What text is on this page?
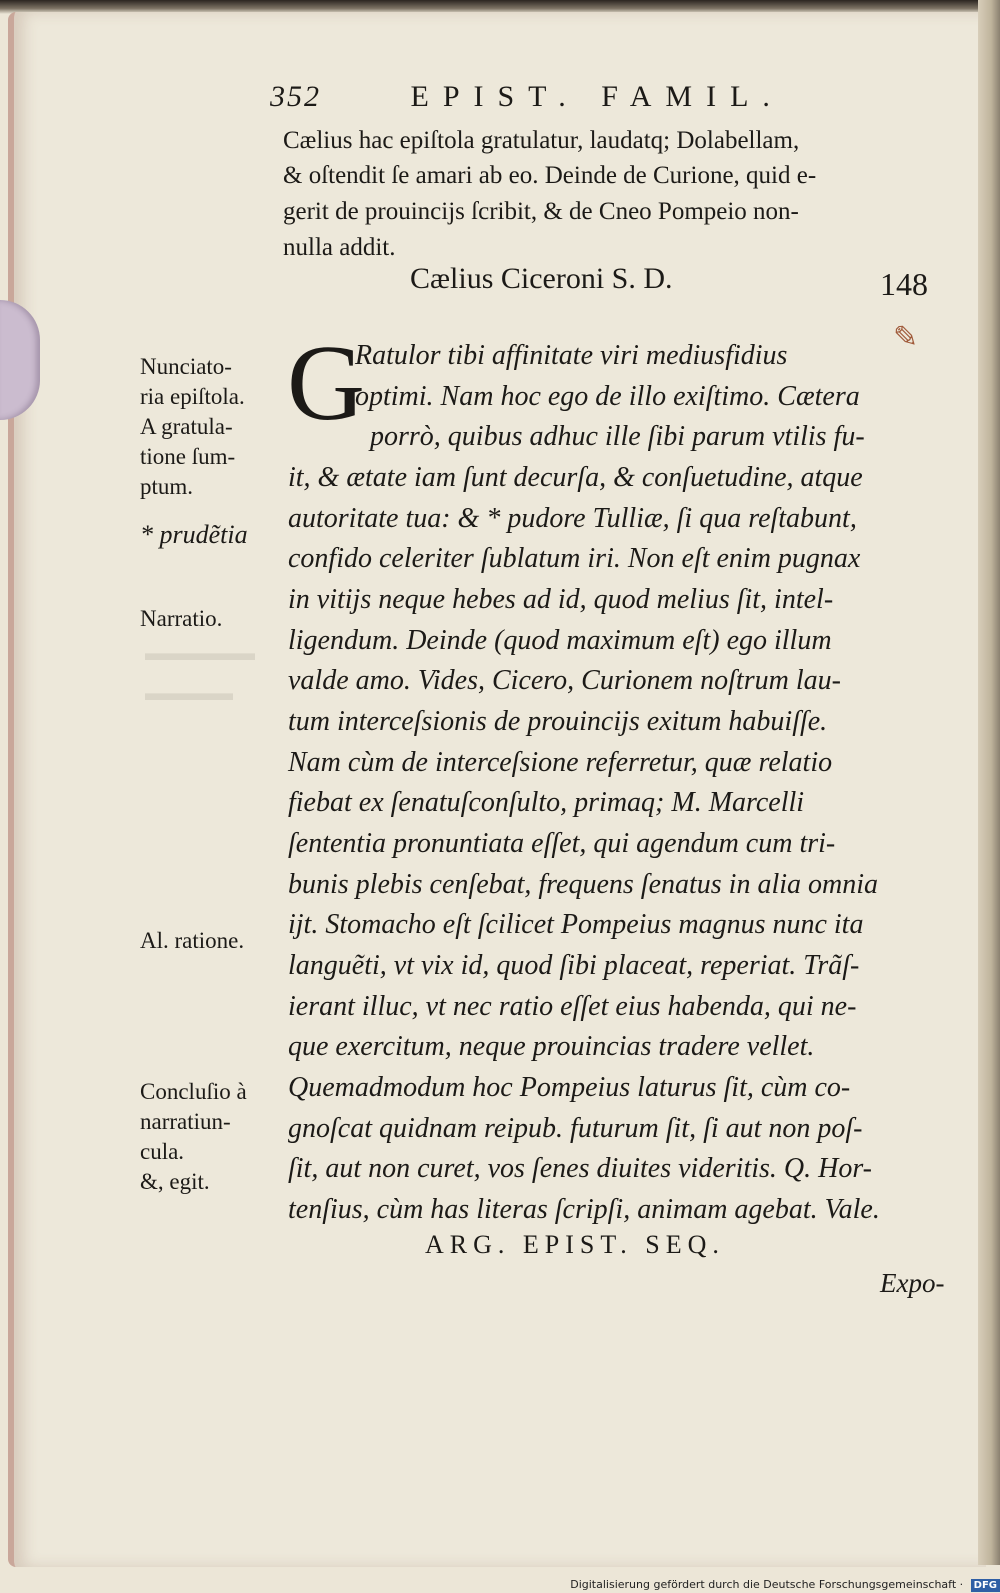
▬▬▬▬▬
▬▬▬▬
352	EPIST. FAMIL.
Cælius hac epiſtola gratulatur, laudatq; Dolabellam,
& oſtendit ſe amari ab eo. Deinde de Curione, quid e-
gerit de prouincijs ſcribit, & de Cneo Pompeio non-
nulla addit.
Cælius Ciceroni S. D.	148
✎
G
Ratulor tibi affinitate viri mediusfidius
optimi. Nam hoc ego de illo exiſtimo. Cætera
porrò, quibus adhuc ille ſibi parum vtilis fu-
it, & ætate iam ſunt decurſa, & conſuetudine, atque
autoritate tua: & * pudore Tulliæ, ſi qua reſtabunt,
confido celeriter ſublatum iri. Non eſt enim pugnax
in vitijs neque hebes ad id, quod melius ſit, intel-
ligendum. Deinde (quod maximum eſt) ego illum
valde amo. Vides, Cicero, Curionem noſtrum lau-
tum interceſsionis de prouincijs exitum habuiſſe.
Nam cùm de interceſsione referretur, quæ relatio
fiebat ex ſenatuſconſulto, primaq; M. Marcelli
ſententia pronuntiata eſſet, qui agendum cum tri-
bunis plebis cenſebat, frequens ſenatus in alia omnia
ijt. Stomacho eſt ſcilicet Pompeius magnus nunc ita
languẽti, vt vix id, quod ſibi placeat, reperiat. Trãſ-
ierant illuc, vt nec ratio eſſet eius habenda, qui ne-
que exercitum, neque prouincias tradere vellet.
Quemadmodum hoc Pompeius laturus ſit, cùm co-
gnoſcat quidnam reipub. futurum ſit, ſi aut non poſ-
ſit, aut non curet, vos ſenes diuites videritis. Q. Hor-
tenſius, cùm has literas ſcripſi, animam agebat. Vale.
Nunciato-
ria epiſtola.
A gratula-
tione ſum-
ptum.
* prudẽtia
Narratio.
Al. ratione.
Concluſio à
narratiun-
cula.
&, egit.
ARG. EPIST. SEQ.
Expo-
Digitalisierung gefördert durch die Deutsche Forschungsgemeinschaft · DFG
